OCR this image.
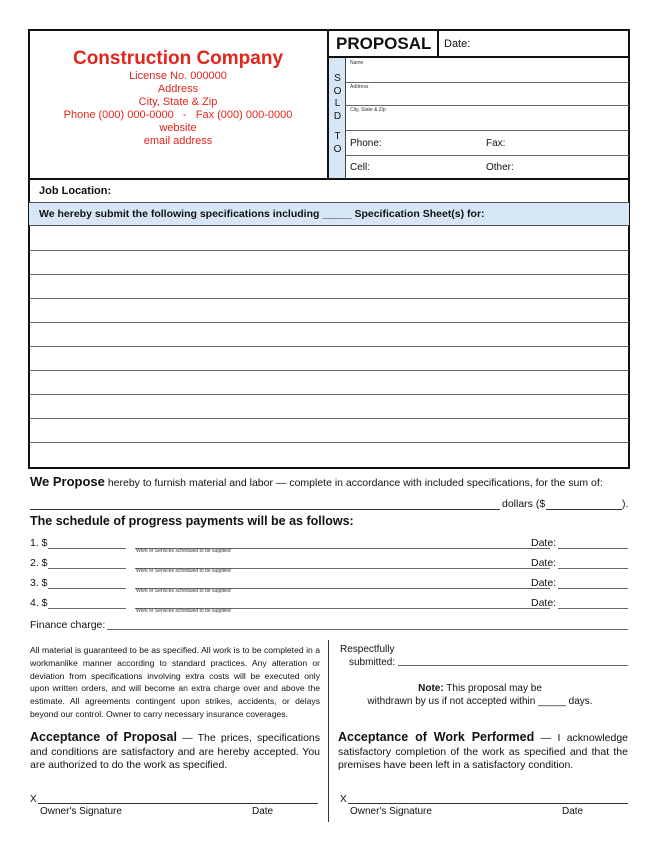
Construction Company
License No. 000000
Address
City, State & Zip
Phone (000) 000-0000   -   Fax (000) 000-0000
website
email address
PROPOSAL Date:
S
O
L
D
T
O
Name
Address
City, State & Zip
Phone:	Fax:
Cell:	Other:
Job Location:
We hereby submit the following specifications including _____ Specification Sheet(s) for:
We Propose hereby to furnish material and labor — complete in accordance with included specifications, for the sum of:
dollars ($	).
The schedule of progress payments will be as follows:
1. $
Work or Services scheduled to be supplied
Date:
2. $
Work or Services scheduled to be supplied
Date:
3. $
Work or Services scheduled to be supplied
Date:
4. $
Work or Services scheduled to be supplied
Date:
Finance charge:
All material is guaranteed to be as specified. All work is to be completed in a workmanlike manner according to standard practices. Any alteration or deviation from specifications involving extra costs will be executed only upon written orders, and will become an extra charge over and above the estimate. All agreements contingent upon strikes, accidents, or delays beyond our control. Owner to carry necessary insurance coverages.
Respectfully
submitted:
Note: This proposal may be
withdrawn by us if not accepted within _____ days.
Acceptance of Proposal — The prices, specifications and conditions are satisfactory and are hereby accepted. You are authorized to do the work as specified.
Acceptance of Work Performed — I acknowledge satisfactory completion of the work as specified and that the premises have been left in a satisfactory condition.
X
Owner's Signature	Date
X
Owner's Signature	Date
